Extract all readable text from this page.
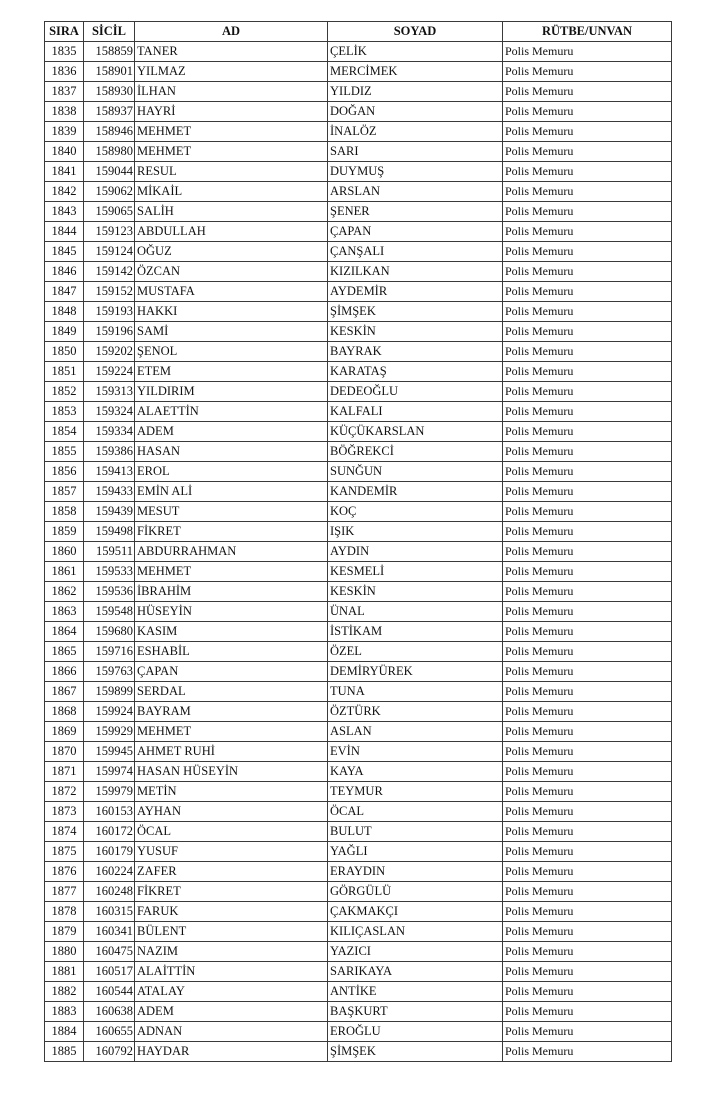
SIRA	SİCİL	AD	SOYAD	RÜTBE/UNVAN
1835	158859	TANER	ÇELİK	Polis Memuru
1836	158901	YILMAZ	MERCİMEK	Polis Memuru
1837	158930	İLHAN	YILDIZ	Polis Memuru
1838	158937	HAYRİ	DOĞAN	Polis Memuru
1839	158946	MEHMET	İNALÖZ	Polis Memuru
1840	158980	MEHMET	SARI	Polis Memuru
1841	159044	RESUL	DUYMUŞ	Polis Memuru
1842	159062	MİKAİL	ARSLAN	Polis Memuru
1843	159065	SALİH	ŞENER	Polis Memuru
1844	159123	ABDULLAH	ÇAPAN	Polis Memuru
1845	159124	OĞUZ	ÇANŞALI	Polis Memuru
1846	159142	ÖZCAN	KIZILKAN	Polis Memuru
1847	159152	MUSTAFA	AYDEMİR	Polis Memuru
1848	159193	HAKKI	ŞİMŞEK	Polis Memuru
1849	159196	SAMİ	KESKİN	Polis Memuru
1850	159202	ŞENOL	BAYRAK	Polis Memuru
1851	159224	ETEM	KARATAŞ	Polis Memuru
1852	159313	YILDIRIM	DEDEOĞLU	Polis Memuru
1853	159324	ALAETTİN	KALFALI	Polis Memuru
1854	159334	ADEM	KÜÇÜKARSLAN	Polis Memuru
1855	159386	HASAN	BÖĞREKCİ	Polis Memuru
1856	159413	EROL	SUNĞUN	Polis Memuru
1857	159433	EMİN ALİ	KANDEMİR	Polis Memuru
1858	159439	MESUT	KOÇ	Polis Memuru
1859	159498	FİKRET	IŞIK	Polis Memuru
1860	159511	ABDURRAHMAN	AYDIN	Polis Memuru
1861	159533	MEHMET	KESMELİ	Polis Memuru
1862	159536	İBRAHİM	KESKİN	Polis Memuru
1863	159548	HÜSEYİN	ÜNAL	Polis Memuru
1864	159680	KASIM	İSTİKAM	Polis Memuru
1865	159716	ESHABİL	ÖZEL	Polis Memuru
1866	159763	ÇAPAN	DEMİRYÜREK	Polis Memuru
1867	159899	SERDAL	TUNA	Polis Memuru
1868	159924	BAYRAM	ÖZTÜRK	Polis Memuru
1869	159929	MEHMET	ASLAN	Polis Memuru
1870	159945	AHMET RUHİ	EVİN	Polis Memuru
1871	159974	HASAN HÜSEYİN	KAYA	Polis Memuru
1872	159979	METİN	TEYMUR	Polis Memuru
1873	160153	AYHAN	ÖCAL	Polis Memuru
1874	160172	ÖCAL	BULUT	Polis Memuru
1875	160179	YUSUF	YAĞLI	Polis Memuru
1876	160224	ZAFER	ERAYDIN	Polis Memuru
1877	160248	FİKRET	GÖRGÜLÜ	Polis Memuru
1878	160315	FARUK	ÇAKMAKÇI	Polis Memuru
1879	160341	BÜLENT	KILIÇASLAN	Polis Memuru
1880	160475	NAZIM	YAZICI	Polis Memuru
1881	160517	ALAİTTİN	SARIKAYA	Polis Memuru
1882	160544	ATALAY	ANTİKE	Polis Memuru
1883	160638	ADEM	BAŞKURT	Polis Memuru
1884	160655	ADNAN	EROĞLU	Polis Memuru
1885	160792	HAYDAR	ŞİMŞEK	Polis Memuru
